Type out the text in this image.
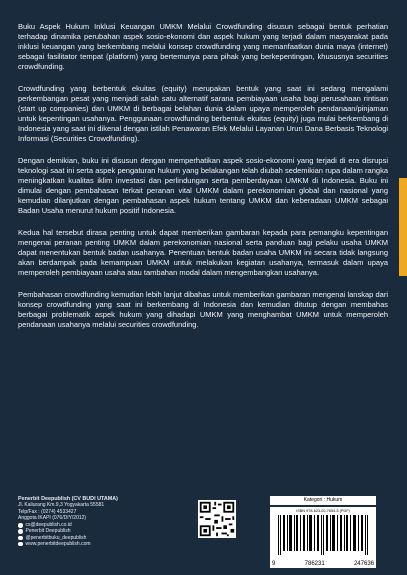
Buku Aspek Hukum Inklusi Keuangan UMKM Melalui Crowdfunding disusun sebagai bentuk perhatian terhadap dinamika perubahan aspek sosio-ekonomi dan aspek hukum yang terjadi dalam masyarakat pada inklusi keuangan yang berkembang melalui konsep crowdfunding yang memanfaatkan dunia maya (internet) sebagai fasilitator tempat (platform) yang bertemunya para pihak yang berkepentingan, khususnya securities crowdfunding.

Crowdfunding yang berbentuk ekuitas (equity) merupakan bentuk yang saat ini sedang mengalami perkembangan pesat yang menjadi salah satu alternatif sarana pembiayaan usaha bagi perusahaan rintisan (start up companies) dan UMKM di berbagai belahan dunia dalam upaya memperoleh pendanaan/pinjaman untuk kepentingan usahanya. Penggunaan crowdfunding berbentuk ekuitas (equity) juga mulai berkembang di Indonesia yang saat ini dikenal dengan istilah Penawaran Efek Melalui Layanan Urun Dana Berbasis Teknologi Informasi (Securities Crowdfunding).

Dengan demikian, buku ini disusun dengan memperhatikan aspek sosio-ekonomi yang terjadi di era disrupsi teknologi saat ini serta aspek pengaturan hukum yang belakangan telah diubah sedemikian rupa dalam rangka meningkatkan kualitas iklim investasi dan perlindungan serta pemberdayaan UMKM di Indonesia. Buku ini dimulai dengan pembahasan terkait peranan vital UMKM dalam perekonomian global dan nasional yang kemudian dilanjutkan dengan pembahasan aspek hukum tentang UMKM dan keberadaan UMKM sebagai Badan Usaha menurut hukum positif Indonesia.

Kedua hal tersebut dirasa penting untuk dapat memberikan gambaran kepada para pemangku kepentingan mengenai peranan penting UMKM dalam perekonomian nasional serta panduan bagi pelaku usaha UMKM dapat menentukan bentuk badan usahanya. Penentuan bentuk badan usaha UMKM ini secara tidak langsung akan berdampak pada kemampuan UMKM untuk melakukan kegiatan usahanya, termasuk dalam upaya memperoleh pembiayaan usaha atau tambahan modal dalam mengembangkan usahanya.

Pembahasan crowdfunding kemudian lebih lanjut dibahas untuk memberikan gambaran mengenai lanskap dari konsep crowdfunding yang saat ini berkembang di Indonesia dan kemudian ditutup dengan membahas berbagai problematik aspek hukum yang dihadapi UMKM yang menghambat UMKM untuk memperoleh pendanaan usahanya melalui securities crowdfunding.

Penerbit Deepublish (CV BUDI UTAMA)
Jl. Kaliurang Km.9,3 Yogyakarta 55581
Telp/Fax : (0274) 4533427
Anggota IKAPI (076/DIY/2012)
cs@deepublish.co.id
Penerbit Deepublish
@penerbitbuku_deepublish
www.penerbitdeepublish.com
Kategori : Hukum
ISBN 978-623-02-7654-5 (PDF)
9	786231	247636
